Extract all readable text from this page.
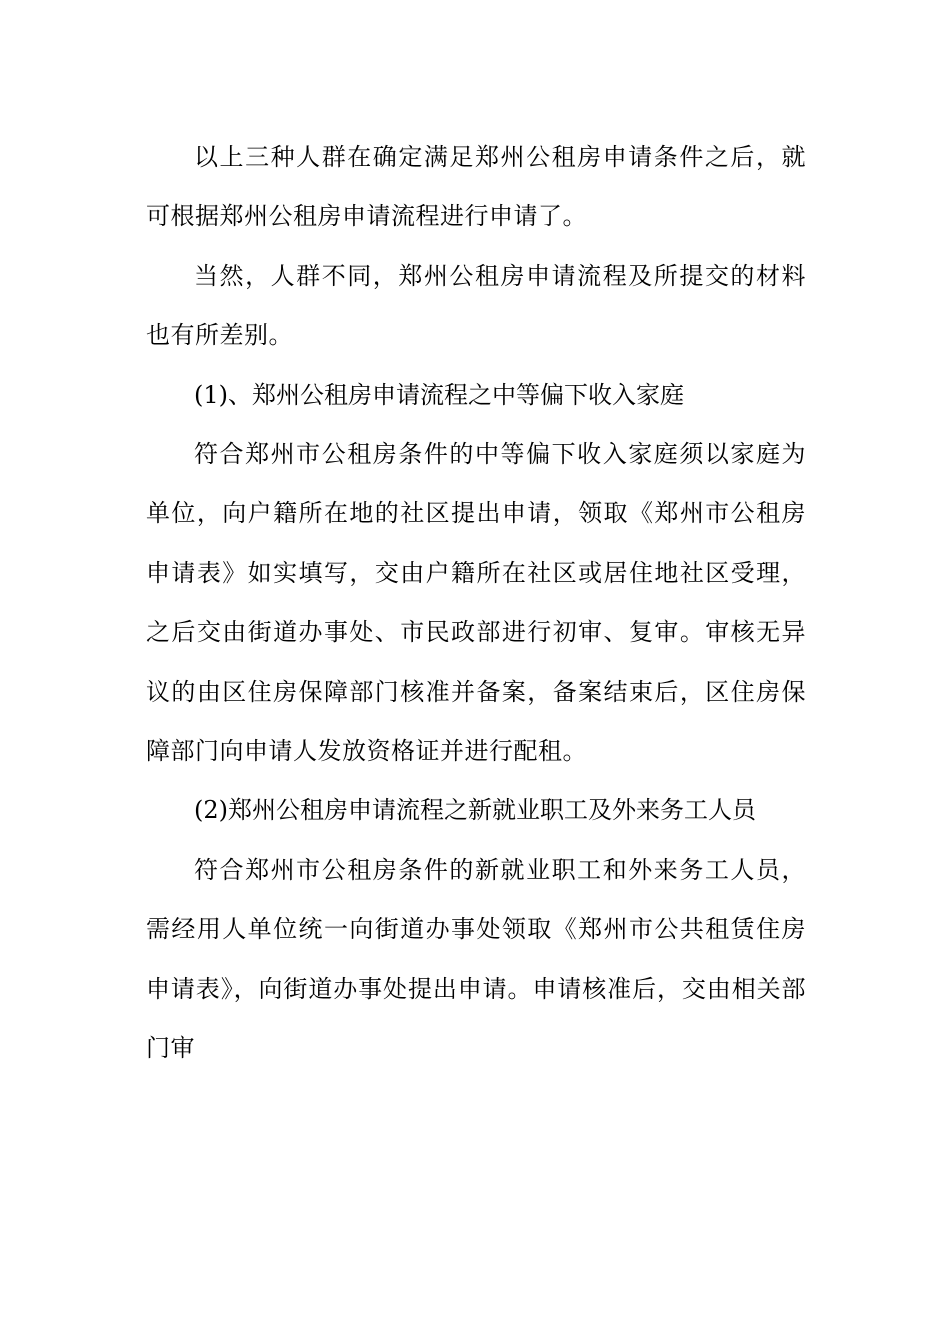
以上三种人群在确定满足郑州公租房申请条件之后，就可根据郑州公租房申请流程进行申请了。

当然，人群不同，郑州公租房申请流程及所提交的材料也有所差别。

(1)、郑州公租房申请流程之中等偏下收入家庭

符合郑州市公租房条件的中等偏下收入家庭须以家庭为单位，向户籍所在地的社区提出申请，领取《郑州市公租房申请表》如实填写，交由户籍所在社区或居住地社区受理，之后交由街道办事处、市民政部进行初审、复审。审核无异议的由区住房保障部门核准并备案，备案结束后，区住房保障部门向申请人发放资格证并进行配租。

(2)郑州公租房申请流程之新就业职工及外来务工人员

符合郑州市公租房条件的新就业职工和外来务工人员，需经用人单位统一向街道办事处领取《郑州市公共租赁住房申请表》，向街道办事处提出申请。申请核准后，交由相关部门审
